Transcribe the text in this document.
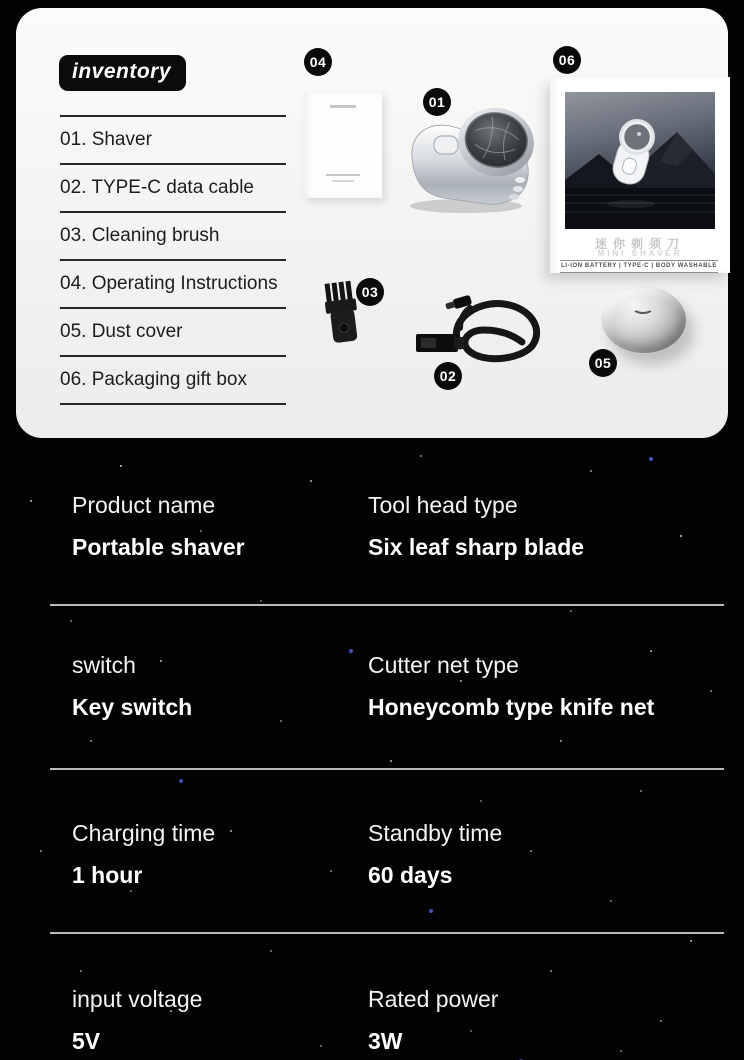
inventory
01. Shaver
02. TYPE-C data cable
03. Cleaning brush
04. Operating Instructions
05. Dust cover
06. Packaging gift box
迷你剃须刀
MINI SHAVER
LI-ION BATTERY | TYPE-C | BODY WASHABLE
01
02
03
04
05
06
Product name
Portable shaver
Tool head type
Six leaf sharp blade
switch
Key switch
Cutter net type
Honeycomb type knife net
Charging time
1 hour
Standby time
60 days
input voltage
5V
Rated power
3W
